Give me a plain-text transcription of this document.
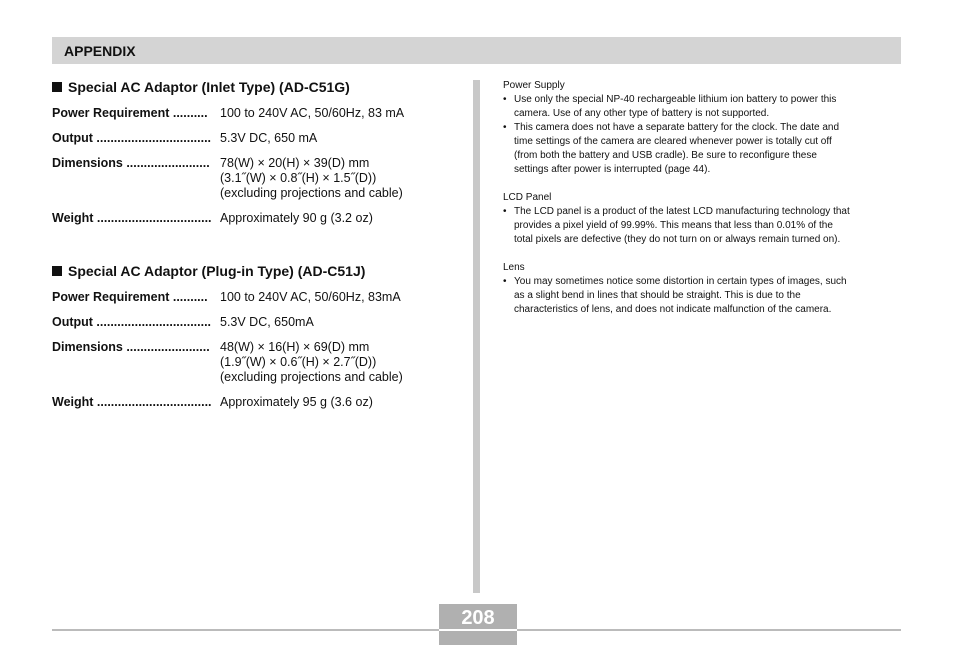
APPENDIX
Special AC Adaptor (Inlet Type) (AD-C51G)
Power Requirement .......... 100 to 240V AC, 50/60Hz, 83 mA
Output ................................. 5.3V DC, 650 mA
Dimensions ........................ 78(W) × 20(H) × 39(D) mm
(3.1˝(W) × 0.8˝(H) × 1.5˝(D))
(excluding projections and cable)
Weight ................................. Approximately 90 g (3.2 oz)
Special AC Adaptor (Plug-in Type) (AD-C51J)
Power Requirement .......... 100 to 240V AC, 50/60Hz, 83mA
Output ................................. 5.3V DC, 650mA
Dimensions ........................ 48(W) × 16(H) × 69(D) mm
(1.9˝(W) × 0.6˝(H) × 2.7˝(D))
(excluding projections and cable)
Weight ................................. Approximately 95 g (3.6 oz)
Power Supply
• Use only the special NP-40 rechargeable lithium ion battery to power this
camera. Use of any other type of battery is not supported.
• This camera does not have a separate battery for the clock. The date and
time settings of the camera are cleared whenever power is totally cut off
(from both the battery and USB cradle). Be sure to reconfigure these
settings after power is interrupted (page 44).
LCD Panel
• The LCD panel is a product of the latest LCD manufacturing technology that
provides a pixel yield of 99.99%. This means that less than 0.01% of the
total pixels are defective (they do not turn on or always remain turned on).
Lens
• You may sometimes notice some distortion in certain types of images, such
as a slight bend in lines that should be straight. This is due to the
characteristics of lens, and does not indicate malfunction of the camera.
208
